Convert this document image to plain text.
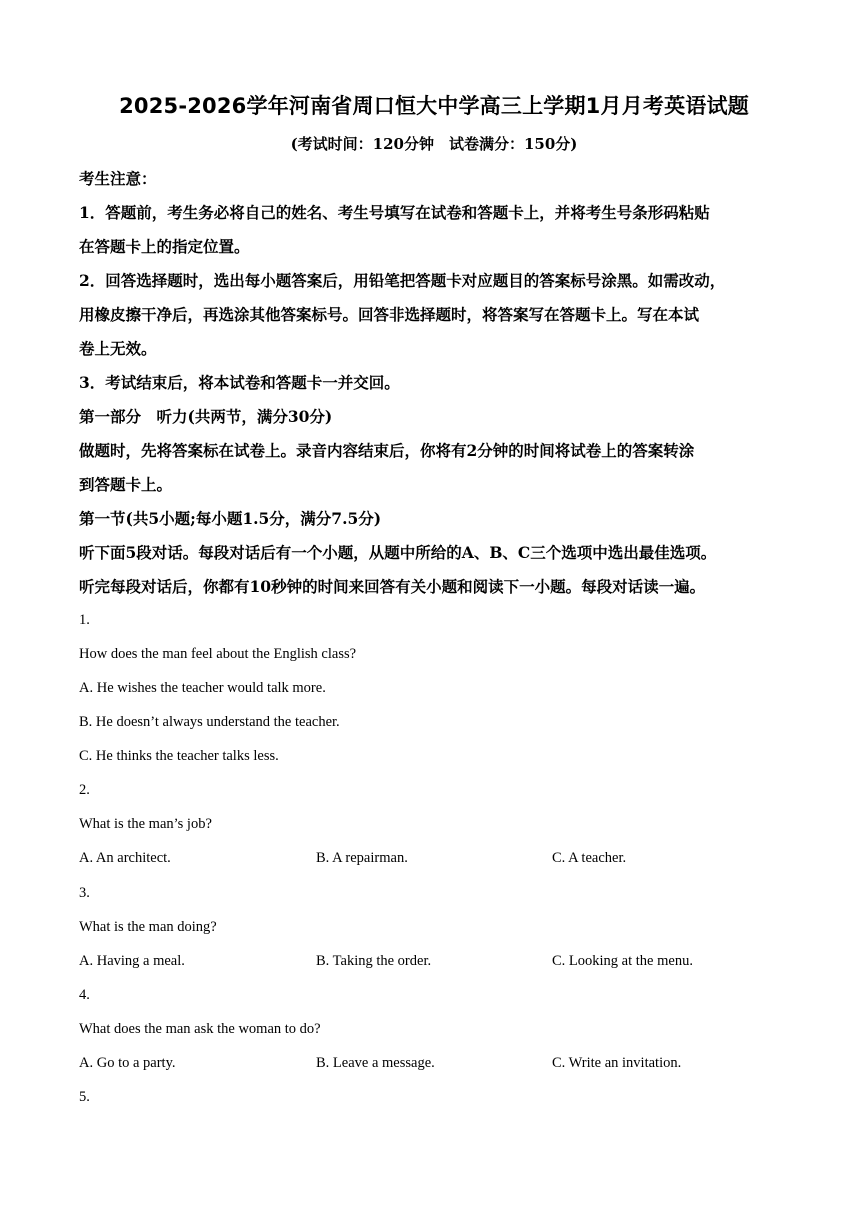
2025-2026学年河南省周口恒大中学高三上学期1月月考英语试题
(考试时间：120分钟　试卷满分：150分)
考生注意：
1．答题前，考生务必将自己的姓名、考生号填写在试卷和答题卡上，并将考生号条形码粘贴
在答题卡上的指定位置。
2．回答选择题时，选出每小题答案后，用铅笔把答题卡对应题目的答案标号涂黑。如需改动，
用橡皮擦干净后，再选涂其他答案标号。回答非选择题时，将答案写在答题卡上。写在本试
卷上无效。
3．考试结束后，将本试卷和答题卡一并交回。
第一部分　听力(共两节，满分30分)
做题时，先将答案标在试卷上。录音内容结束后，你将有2分钟的时间将试卷上的答案转涂
到答题卡上。
第一节(共5小题;每小题1.5分，满分7.5分)
听下面5段对话。每段对话后有一个小题，从题中所给的A、B、C三个选项中选出最佳选项。
听完每段对话后，你都有10秒钟的时间来回答有关小题和阅读下一小题。每段对话读一遍。
1.
How does the man feel about the English class?
A. He wishes the teacher would talk more.
B. He doesn’t always understand the teacher.
C. He thinks the teacher talks less.
2.
What is the man’s job?
A. An architect.	B. A repairman.	C. A teacher.
3.
What is the man doing?
A. Having a meal.	B. Taking the order.	C. Looking at the menu.
4.
What does the man ask the woman to do?
A. Go to a party.	B. Leave a message.	C. Write an invitation.
5.
